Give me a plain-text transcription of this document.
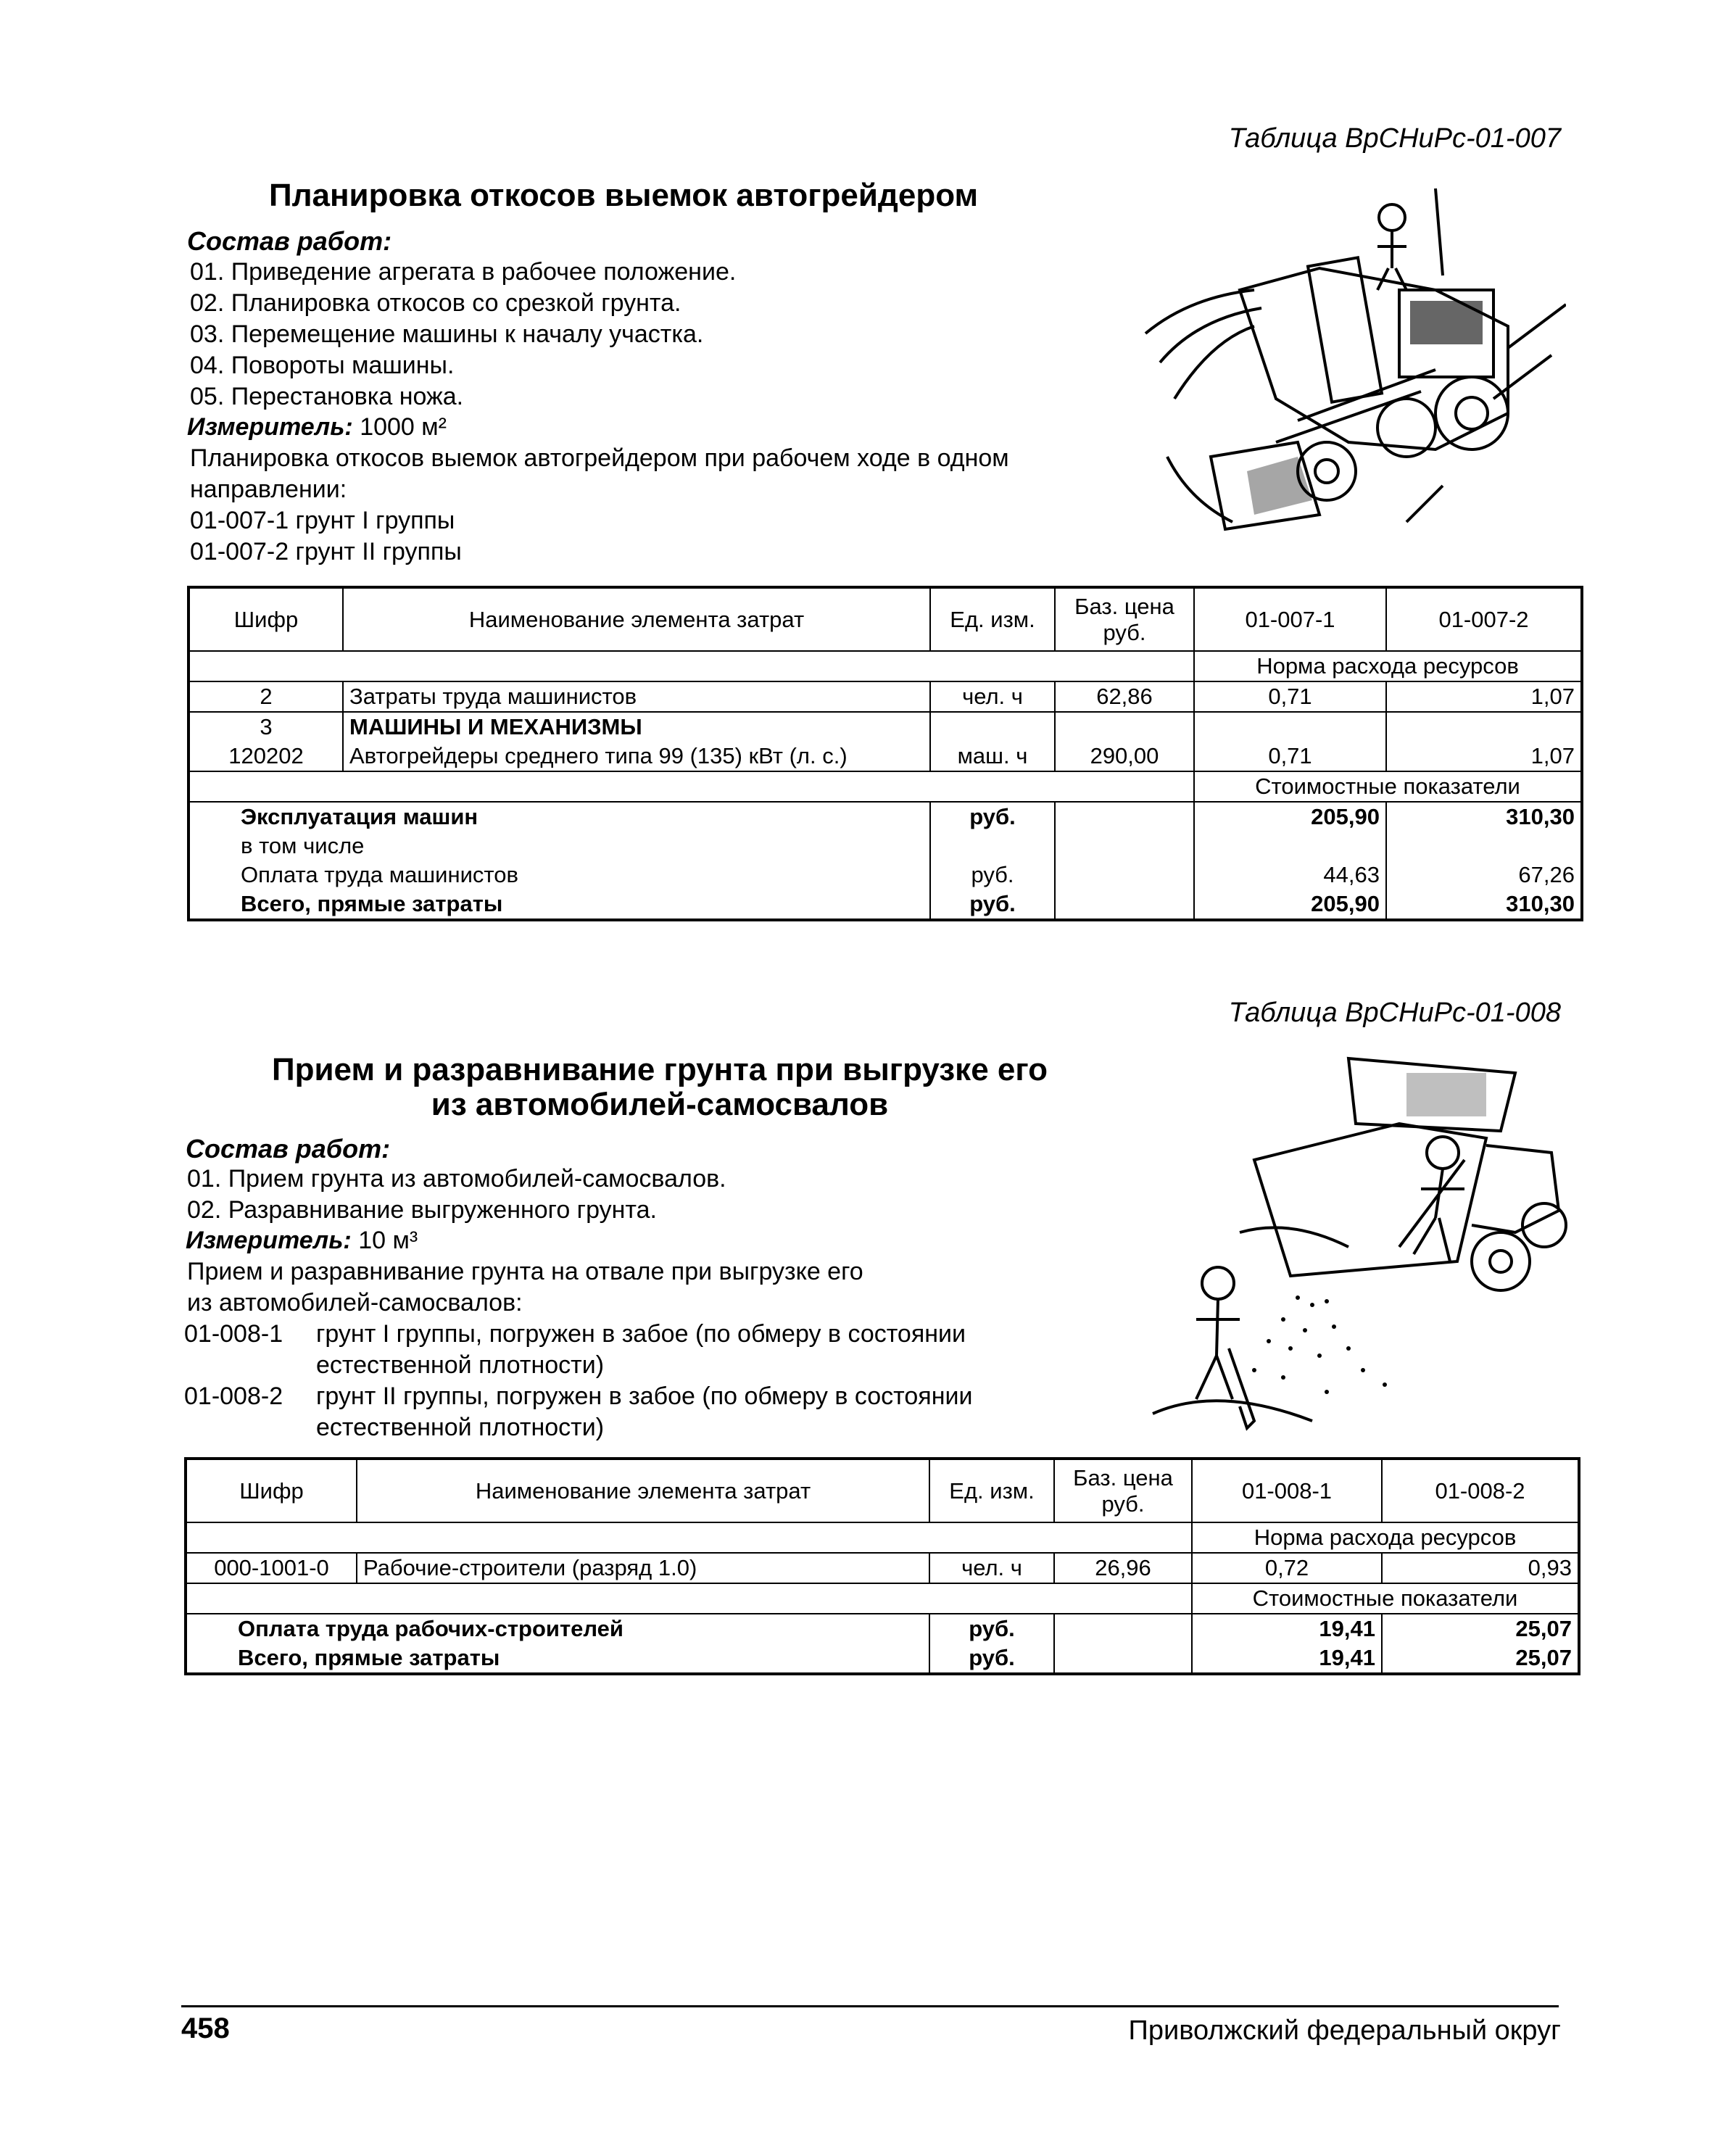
Таблица ВрСНиРс-01-007
Планировка откосов выемок автогрейдером
Состав работ:
01. Приведение агрегата в рабочее положение.
02. Планировка откосов со срезкой грунта.
03. Перемещение машины к началу участка.
04. Повороты машины.
05. Перестановка ножа.
Измеритель: 1000 м²
Планировка откосов выемок автогрейдером при рабочем ходе в одном
направлении:
01-007-1 грунт I группы
01-007-2 грунт II группы
Шифр	Наименование элемента затрат	Ед. изм.	Баз. цена руб.	01-007-1	01-007-2
				Норма расхода ресурсов	
2	Затраты труда машинистов	чел. ч	62,86	0,71	1,07
3	МАШИНЫ И МЕХАНИЗМЫ				
120202	Автогрейдеры среднего типа 99 (135) кВт (л. с.)	маш. ч	290,00	0,71	1,07
				Стоимостные показатели	
Эксплуатация машин		руб.		205,90	310,30
в том числе					
Оплата труда машинистов		руб.		44,63	67,26
Всего, прямые затраты		руб.		205,90	310,30
Таблица ВрСНиРс-01-008
Прием и разравнивание грунта при выгрузке его
из автомобилей-самосвалов
Состав работ:
01. Прием грунта из автомобилей-самосвалов.
02. Разравнивание выгруженного грунта.
Измеритель: 10 м³
Прием и разравнивание грунта на отвале при выгрузке его
из автомобилей-самосвалов:
01-008-1 грунт I группы, погружен в забое (по обмеру в состоянии
естественной плотности)
01-008-2 грунт II группы, погружен в забое (по обмеру в состоянии
естественной плотности)
Шифр	Наименование элемента затрат	Ед. изм.	Баз. цена руб.	01-008-1	01-008-2
				Норма расхода ресурсов	
000-1001-0	Рабочие-строители (разряд 1.0)	чел. ч	26,96	0,72	0,93
				Стоимостные показатели	
Оплата труда рабочих-строителей		руб.		19,41	25,07
Всего, прямые затраты		руб.		19,41	25,07
458	Приволжский федеральный округ
